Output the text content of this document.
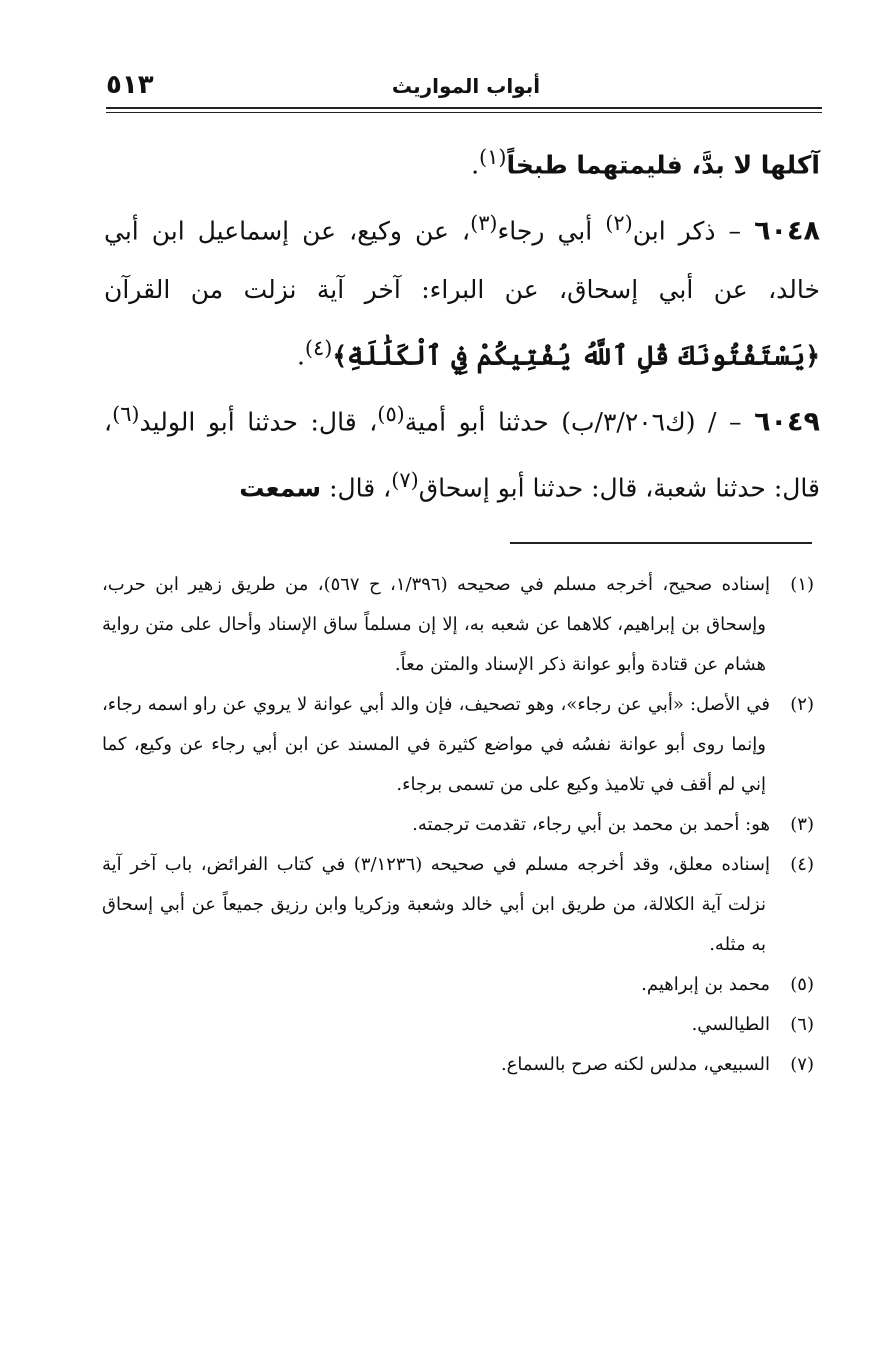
٥١٣	أبواب المواريث

آكلها لا بدَّ، فليمتهما طبخاً$^{(١)}$.

٦٠٤٨ – ذكر ابن$^{(٢)}$ أبي رجاء$^{(٣)}$، عن وكيع، عن إسماعيل ابن أبي خالد، عن أبي إسحاق، عن البراء: آخر آية نزلت من القرآن ﴿يَسْتَفْتُونَكَ قُلِ ٱللَّهُ يُفْتِيكُمْ فِي ٱلْكَلَٰلَةِ﴾$^{(٤)}$.

٦٠٤٩ – / (ك٣/٢٠٦/ب) حدثنا أبو أمية$^{(٥)}$، قال: حدثنا أبو الوليد$^{(٦)}$، قال: حدثنا شعبة، قال: حدثنا أبو إسحاق$^{(٧)}$، قال: سمعت

(١)إسناده صحيح، أخرجه مسلم في صحيحه (١/٣٩٦، ح ٥٦٧)، من طريق زهير ابن حرب، وإسحاق بن إبراهيم، كلاهما عن شعبه به، إلا إن مسلماً ساق الإسناد وأحال على متن رواية هشام عن قتادة وأبو عوانة ذكر الإسناد والمتن معاً.

(٢)في الأصل: «أبي عن رجاء»، وهو تصحيف، فإن والد أبي عوانة لا يروي عن راو اسمه رجاء، وإنما روى أبو عوانة نفسُه في مواضع كثيرة في المسند عن ابن أبي رجاء عن وكيع، كما إني لم أقف في تلاميذ وكيع على من تسمى برجاء.

(٣)هو: أحمد بن محمد بن أبي رجاء، تقدمت ترجمته.

(٤)إسناده معلق، وقد أخرجه مسلم في صحيحه (٣/١٢٣٦) في كتاب الفرائض، باب آخر آية نزلت آية الكلالة، من طريق ابن أبي خالد وشعبة وزكريا وابن رزيق جميعاً عن أبي إسحاق به مثله.

(٥)محمد بن إبراهيم.

(٦)الطيالسي.

(٧)السبيعي، مدلس لكنه صرح بالسماع.
